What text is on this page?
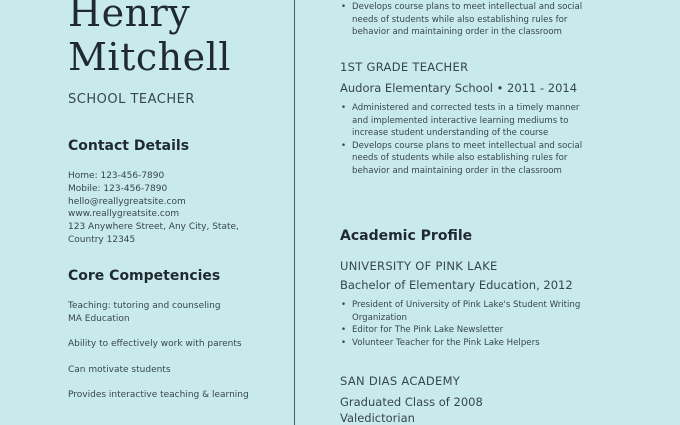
Henry
Mitchell
SCHOOL TEACHER
Contact Details
Home: 123-456-7890
Mobile: 123-456-7890
hello@reallygreatsite.com
www.reallygreatsite.com
123 Anywhere Street, Any City, State,
Country 12345
Core Competencies
Teaching: tutoring and counseling
MA Education
Ability to effectively work with parents
Can motivate students
Provides interactive teaching & learning
• Develops course plans to meet intellectual and social
needs of students while also establishing rules for
behavior and maintaining order in the classroom
1ST GRADE TEACHER
Audora Elementary School • 2011 - 2014
• Administered and corrected tests in a timely manner
and implemented interactive learning mediums to
increase student understanding of the course
• Develops course plans to meet intellectual and social
needs of students while also establishing rules for
behavior and maintaining order in the classroom
Academic Profile
UNIVERSITY OF PINK LAKE
Bachelor of Elementary Education, 2012
• President of University of Pink Lake's Student Writing
Organization
• Editor for The Pink Lake Newsletter
• Volunteer Teacher for the Pink Lake Helpers
SAN DIAS ACADEMY
Graduated Class of 2008
Valedictorian
